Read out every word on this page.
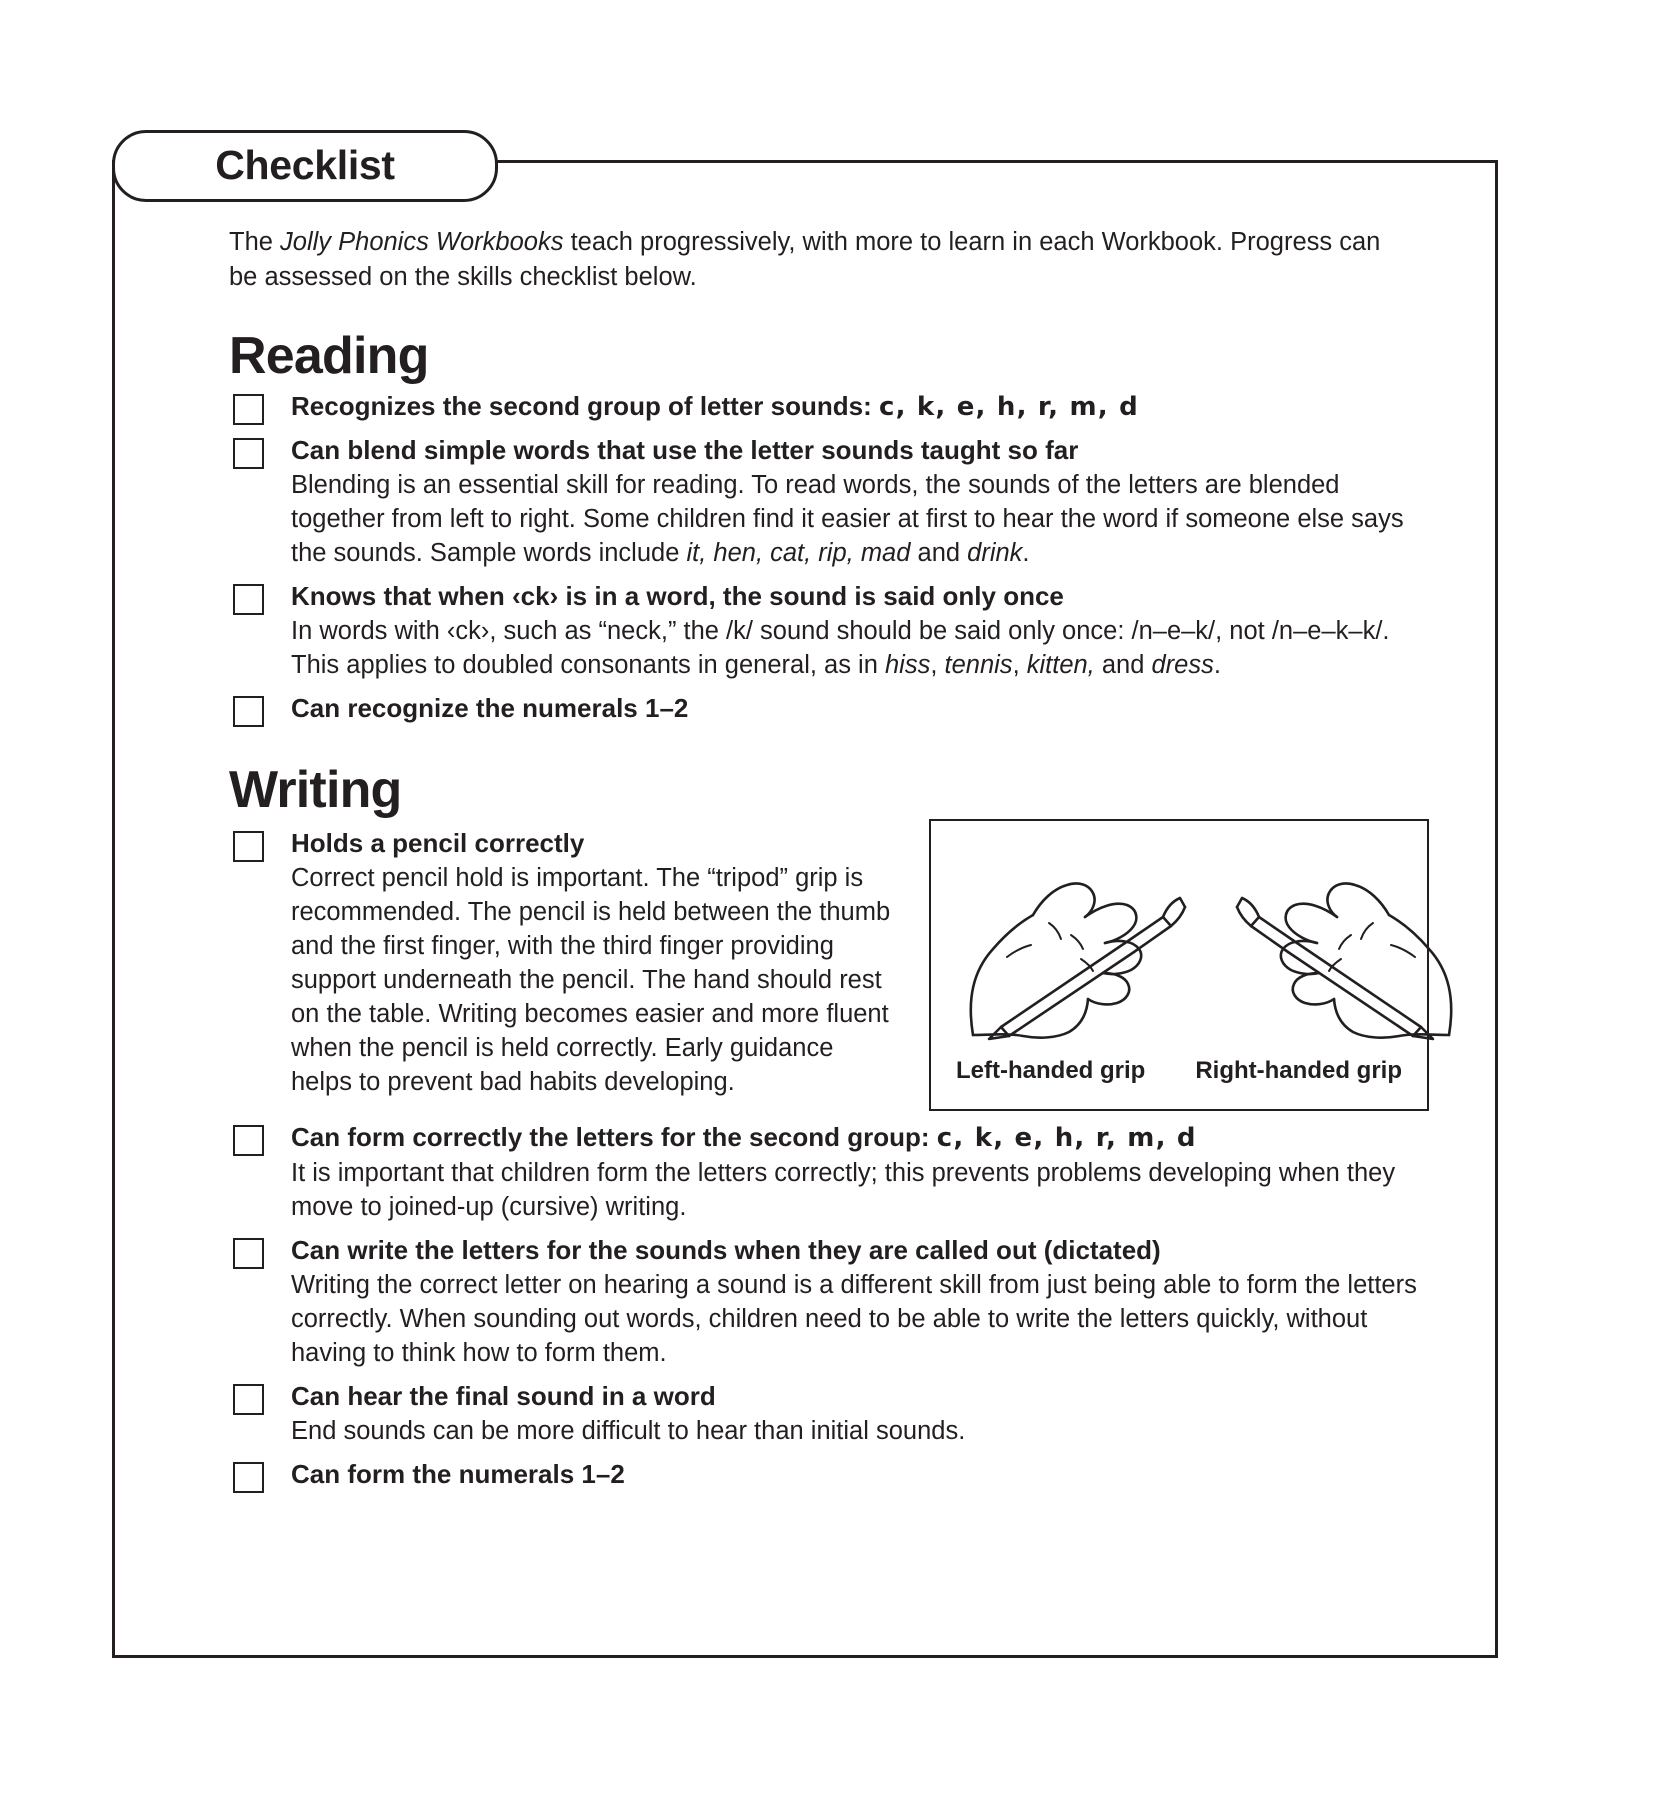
Checklist

The Jolly Phonics Workbooks teach progressively, with more to learn in each Workbook. Progress can be assessed on the skills checklist below.

Reading

Recognizes the second group of letter sounds: c, k, e, h, r, m, d

Can blend simple words that use the letter sounds taught so far

Blending is an essential skill for reading. To read words, the sounds of the letters are blended together from left to right. Some children find it easier at first to hear the word if someone else says the sounds. Sample words include it, hen, cat, rip, mad and drink.

Knows that when ‹ck› is in a word, the sound is said only once

In words with ‹ck›, such as “neck,” the /k/ sound should be said only once: /n–e–k/, not /n–e–k–k/. This applies to doubled consonants in general, as in hiss, tennis, kitten, and dress.

Can recognize the numerals 1–2

Writing

Holds a pencil correctly

Correct pencil hold is important. The “tripod” grip is recommended. The pencil is held between the thumb and the first finger, with the third finger providing support underneath the pencil. The hand should rest on the table. Writing becomes easier and more fluent when the pencil is held correctly. Early guidance helps to prevent bad habits developing.	Left-handed grip Right-handed grip

Can form correctly the letters for the second group: c, k, e, h, r, m, d

It is important that children form the letters correctly; this prevents problems developing when they move to joined-up (cursive) writing.

Can write the letters for the sounds when they are called out (dictated)

Writing the correct letter on hearing a sound is a different skill from just being able to form the letters correctly. When sounding out words, children need to be able to write the letters quickly, without having to think how to form them.

Can hear the final sound in a word

End sounds can be more difficult to hear than initial sounds.

Can form the numerals 1–2
